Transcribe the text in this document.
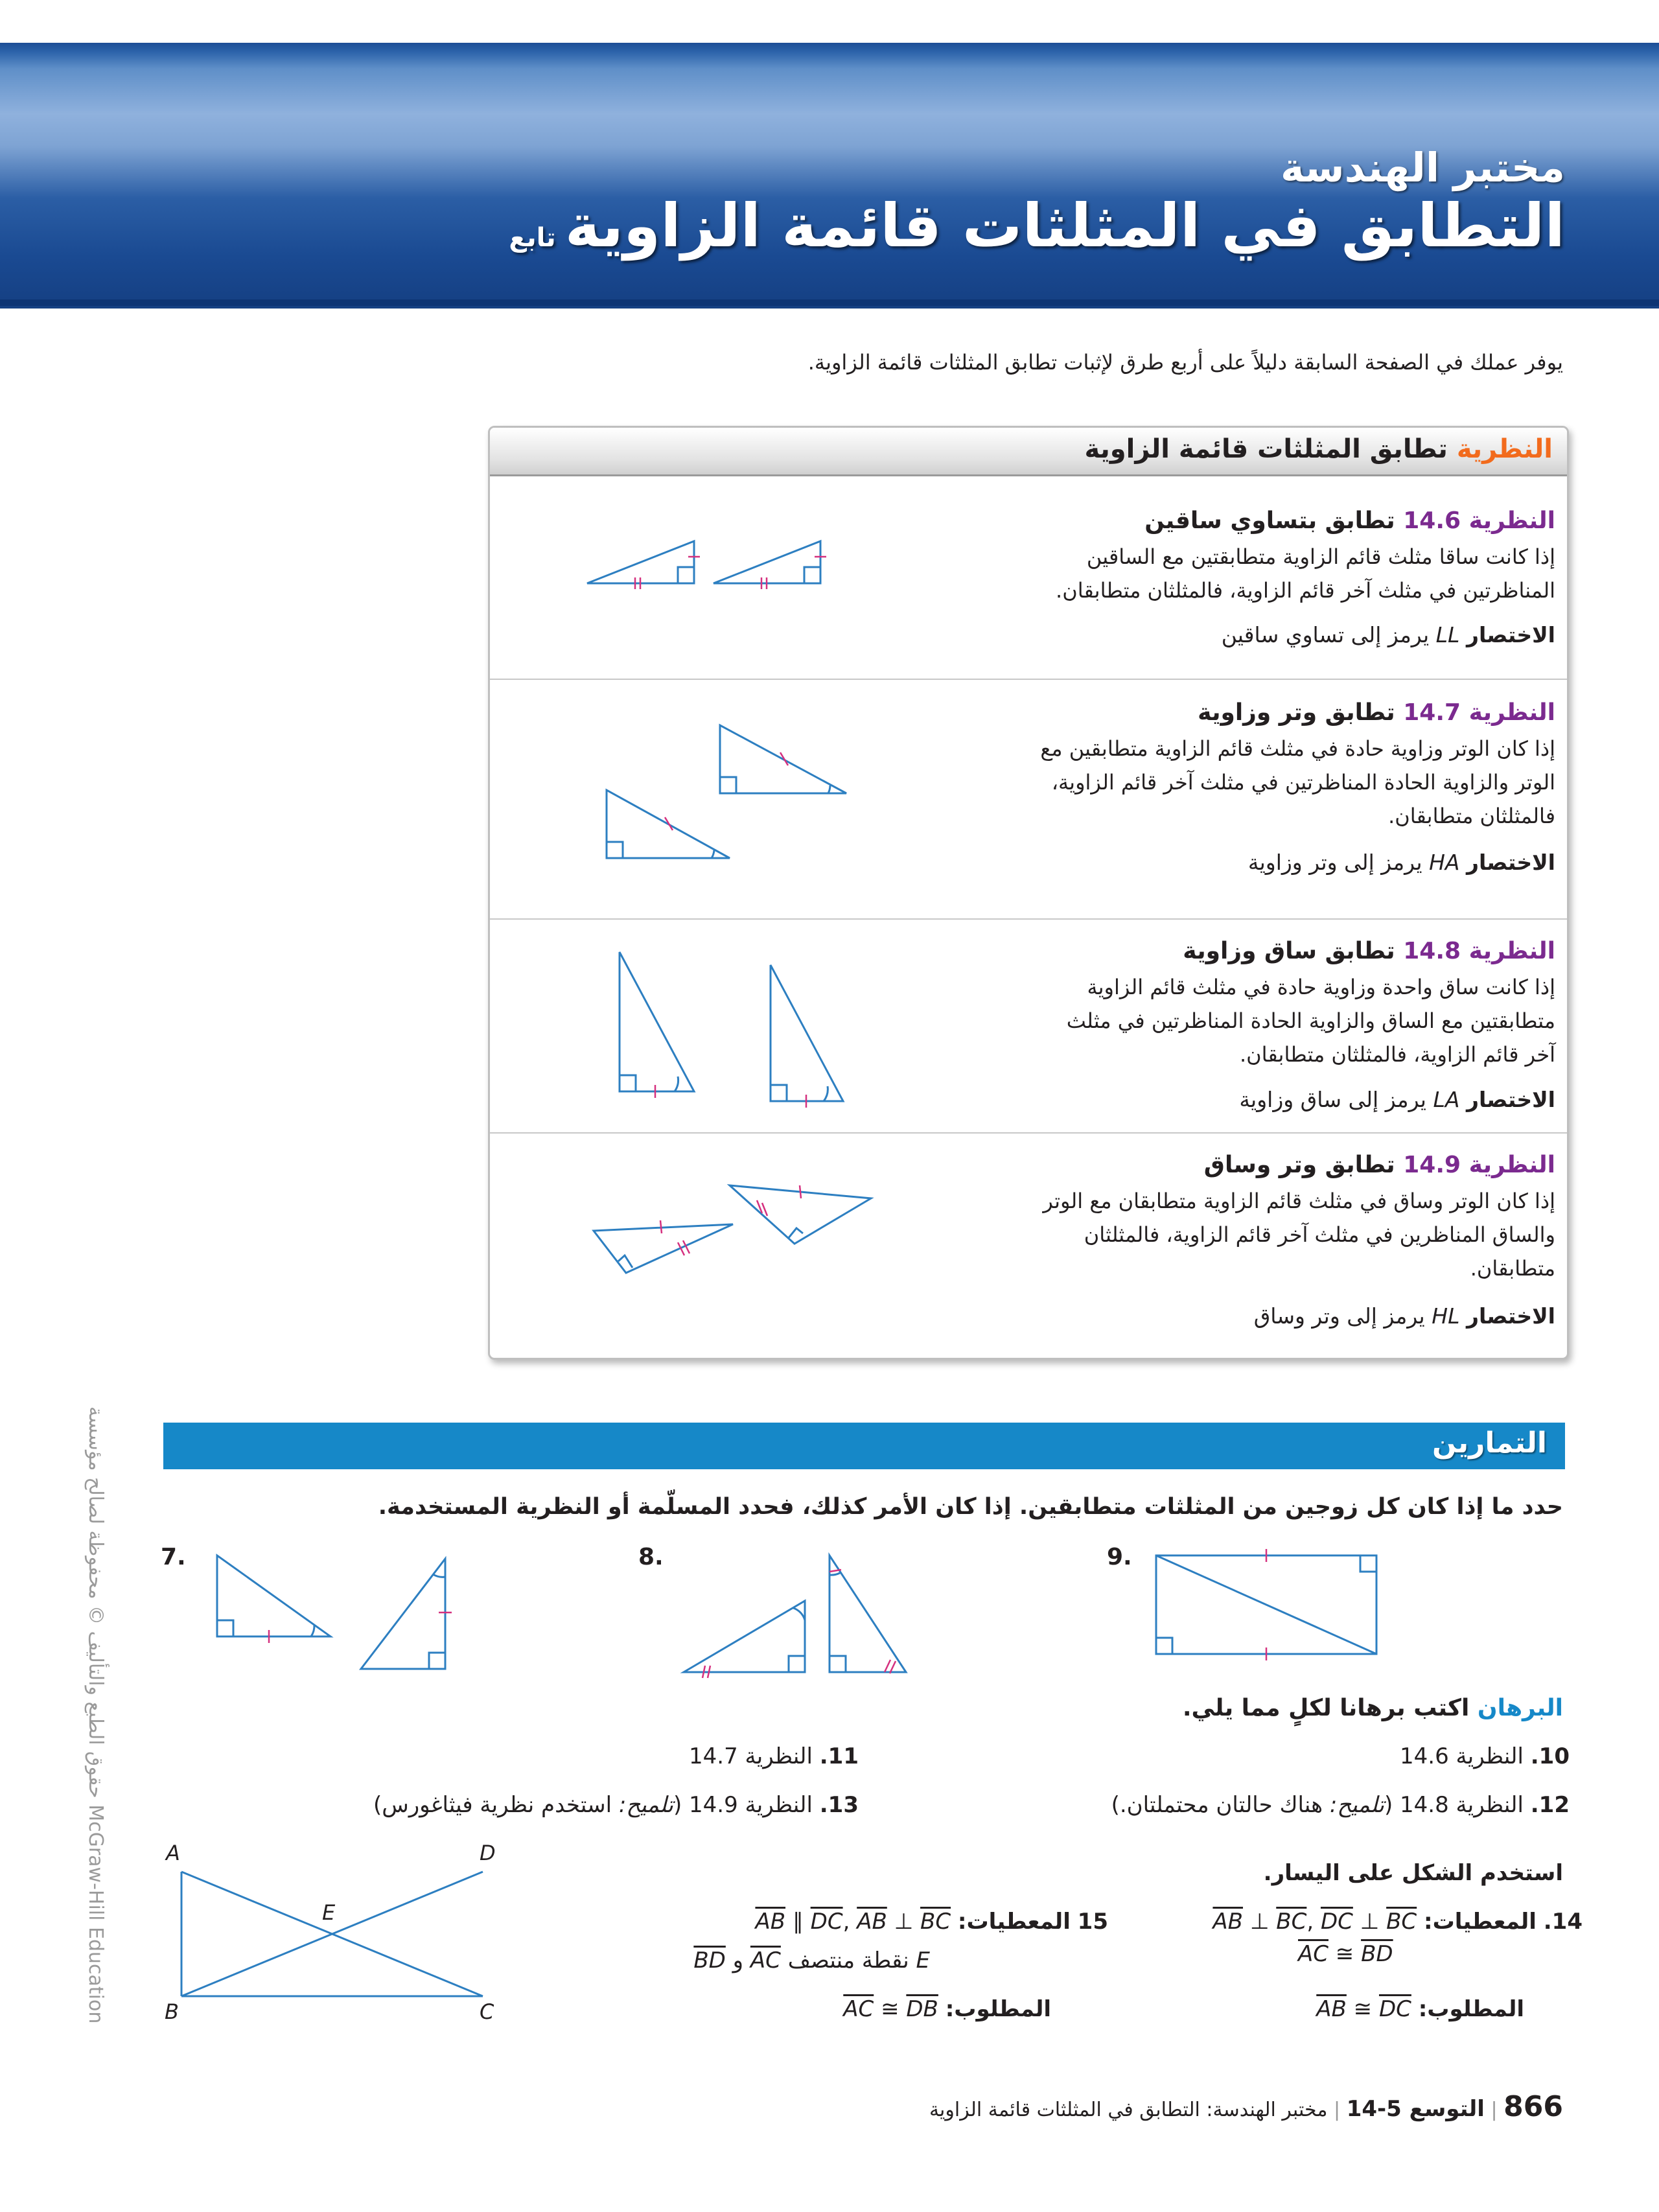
مختبر الهندسة
التطابق في المثلثات قائمة الزاويةتابع
يوفر عملك في الصفحة السابقة دليلاً على أربع طرق لإثبات تطابق المثلثات قائمة الزاوية.
النظرية تطابق المثلثات قائمة الزاوية
النظرية 14.6 تطابق بتساوي ساقين
إذا كانت ساقا مثلث قائم الزاوية متطابقتين مع الساقين
المناظرتين في مثلث آخر قائم الزاوية، فالمثلثان متطابقان.
الاختصار LL يرمز إلى تساوي ساقين
النظرية 14.7 تطابق وتر وزاوية
إذا كان الوتر وزاوية حادة في مثلث قائم الزاوية متطابقين مع
الوتر والزاوية الحادة المناظرتين في مثلث آخر قائم الزاوية،
فالمثلثان متطابقان.
الاختصار HA يرمز إلى وتر وزاوية
النظرية 14.8 تطابق ساق وزاوية
إذا كانت ساق واحدة وزاوية حادة في مثلث قائم الزاوية
متطابقتين مع الساق والزاوية الحادة المناظرتين في مثلث
آخر قائم الزاوية، فالمثلثان متطابقان.
الاختصار LA يرمز إلى ساق وزاوية
النظرية 14.9 تطابق وتر وساق
إذا كان الوتر وساق في مثلث قائم الزاوية متطابقان مع الوتر
والساق المناظرين في مثلث آخر قائم الزاوية، فالمثلثان
متطابقان.
الاختصار HL يرمز إلى وتر وساق
التمارين
حدد ما إذا كان كل زوجين من المثلثات متطابقين. إذا كان الأمر كذلك، فحدد المسلّمة أو النظرية المستخدمة.
7.	8.	9.
البرهان اكتب برهانا لكلٍ مما يلي.
10. النظرية 14.6
11. النظرية 14.7
12. النظرية 14.8 (تلميح: هناك حالتان محتملتان.)
13. النظرية 14.9 (تلميح: استخدم نظرية فيثاغورس)
استخدم الشكل على اليسار.
14. المعطيات: $\overline{AB}$ ⊥ $\overline{BC}$, $\overline{DC}$ ⊥ $\overline{BC}$
AC ≅ BD
المطلوب: $\overline{AB}$ ≅ $\overline{DC}$
15 المعطيات: $\overline{AB}$ ∥ $\overline{DC}$, $\overline{AB}$ ⊥ $\overline{BC}$
E نقطة منتصف AC و BD
المطلوب: $\overline{AC}$ ≅ $\overline{DB}$
A	D
E
B	C
حقوق الطبع والتأليف © محفوظة لصالح مؤسسة McGraw-Hill Education
866 | التوسع 5-14 | مختبر الهندسة: التطابق في المثلثات قائمة الزاوية
